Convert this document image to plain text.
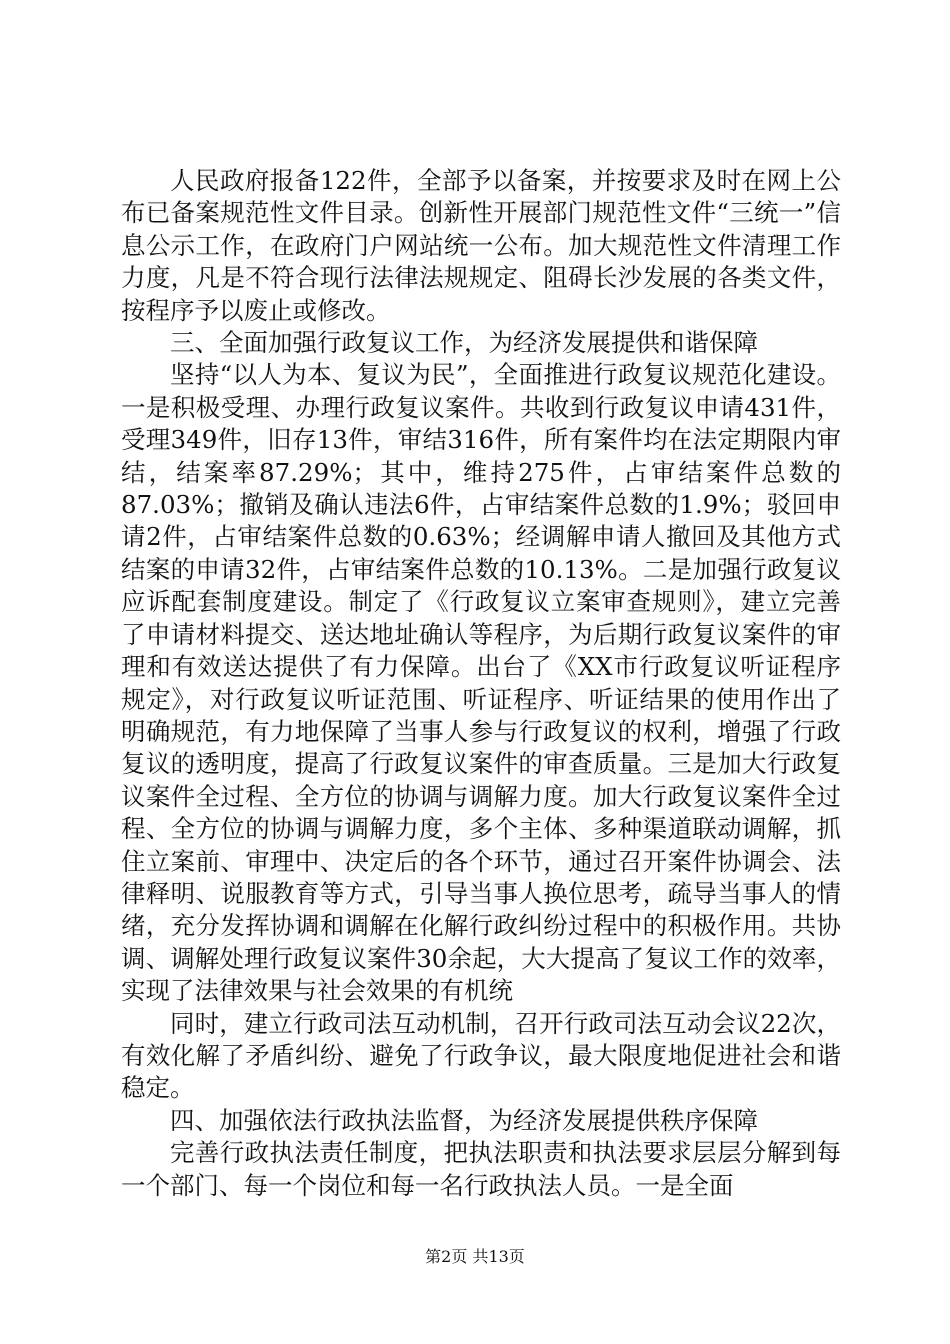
人民政府报备122件，全部予以备案，并按要求及时在网上公布已备案规范性文件目录。创新性开展部门规范性文件“三统一”信息公示工作，在政府门户网站统一公布。加大规范性文件清理工作力度，凡是不符合现行法律法规规定、阻碍长沙发展的各类文件，按程序予以废止或修改。

三、全面加强行政复议工作，为经济发展提供和谐保障

坚持“以人为本、复议为民”，全面推进行政复议规范化建设。一是积极受理、办理行政复议案件。共收到行政复议申请431件，受理349件，旧存13件，审结316件，所有案件均在法定期限内审结，结案率87.29%；其中，维持275件，占审结案件总数的87.03%；撤销及确认违法6件，占审结案件总数的1.9%；驳回申请2件，占审结案件总数的0.63%；经调解申请人撤回及其他方式结案的申请32件，占审结案件总数的10.13%。二是加强行政复议应诉配套制度建设。制定了《行政复议立案审查规则》，建立完善了申请材料提交、送达地址确认等程序，为后期行政复议案件的审理和有效送达提供了有力保障。出台了《XX市行政复议听证程序规定》，对行政复议听证范围、听证程序、听证结果的使用作出了明确规范，有力地保障了当事人参与行政复议的权利，增强了行政复议的透明度，提高了行政复议案件的审查质量。三是加大行政复议案件全过程、全方位的协调与调解力度。加大行政复议案件全过程、全方位的协调与调解力度，多个主体、多种渠道联动调解，抓住立案前、审理中、决定后的各个环节，通过召开案件协调会、法律释明、说服教育等方式，引导当事人换位思考，疏导当事人的情绪，充分发挥协调和调解在化解行政纠纷过程中的积极作用。共协调、调解处理行政复议案件30余起，大大提高了复议工作的效率，实现了法律效果与社会效果的有机统

同时，建立行政司法互动机制，召开行政司法互动会议22次，有效化解了矛盾纠纷、避免了行政争议，最大限度地促进社会和谐稳定。

四、加强依法行政执法监督，为经济发展提供秩序保障

完善行政执法责任制度，把执法职责和执法要求层层分解到每一个部门、每一个岗位和每一名行政执法人员。一是全面

第2页 共13页
